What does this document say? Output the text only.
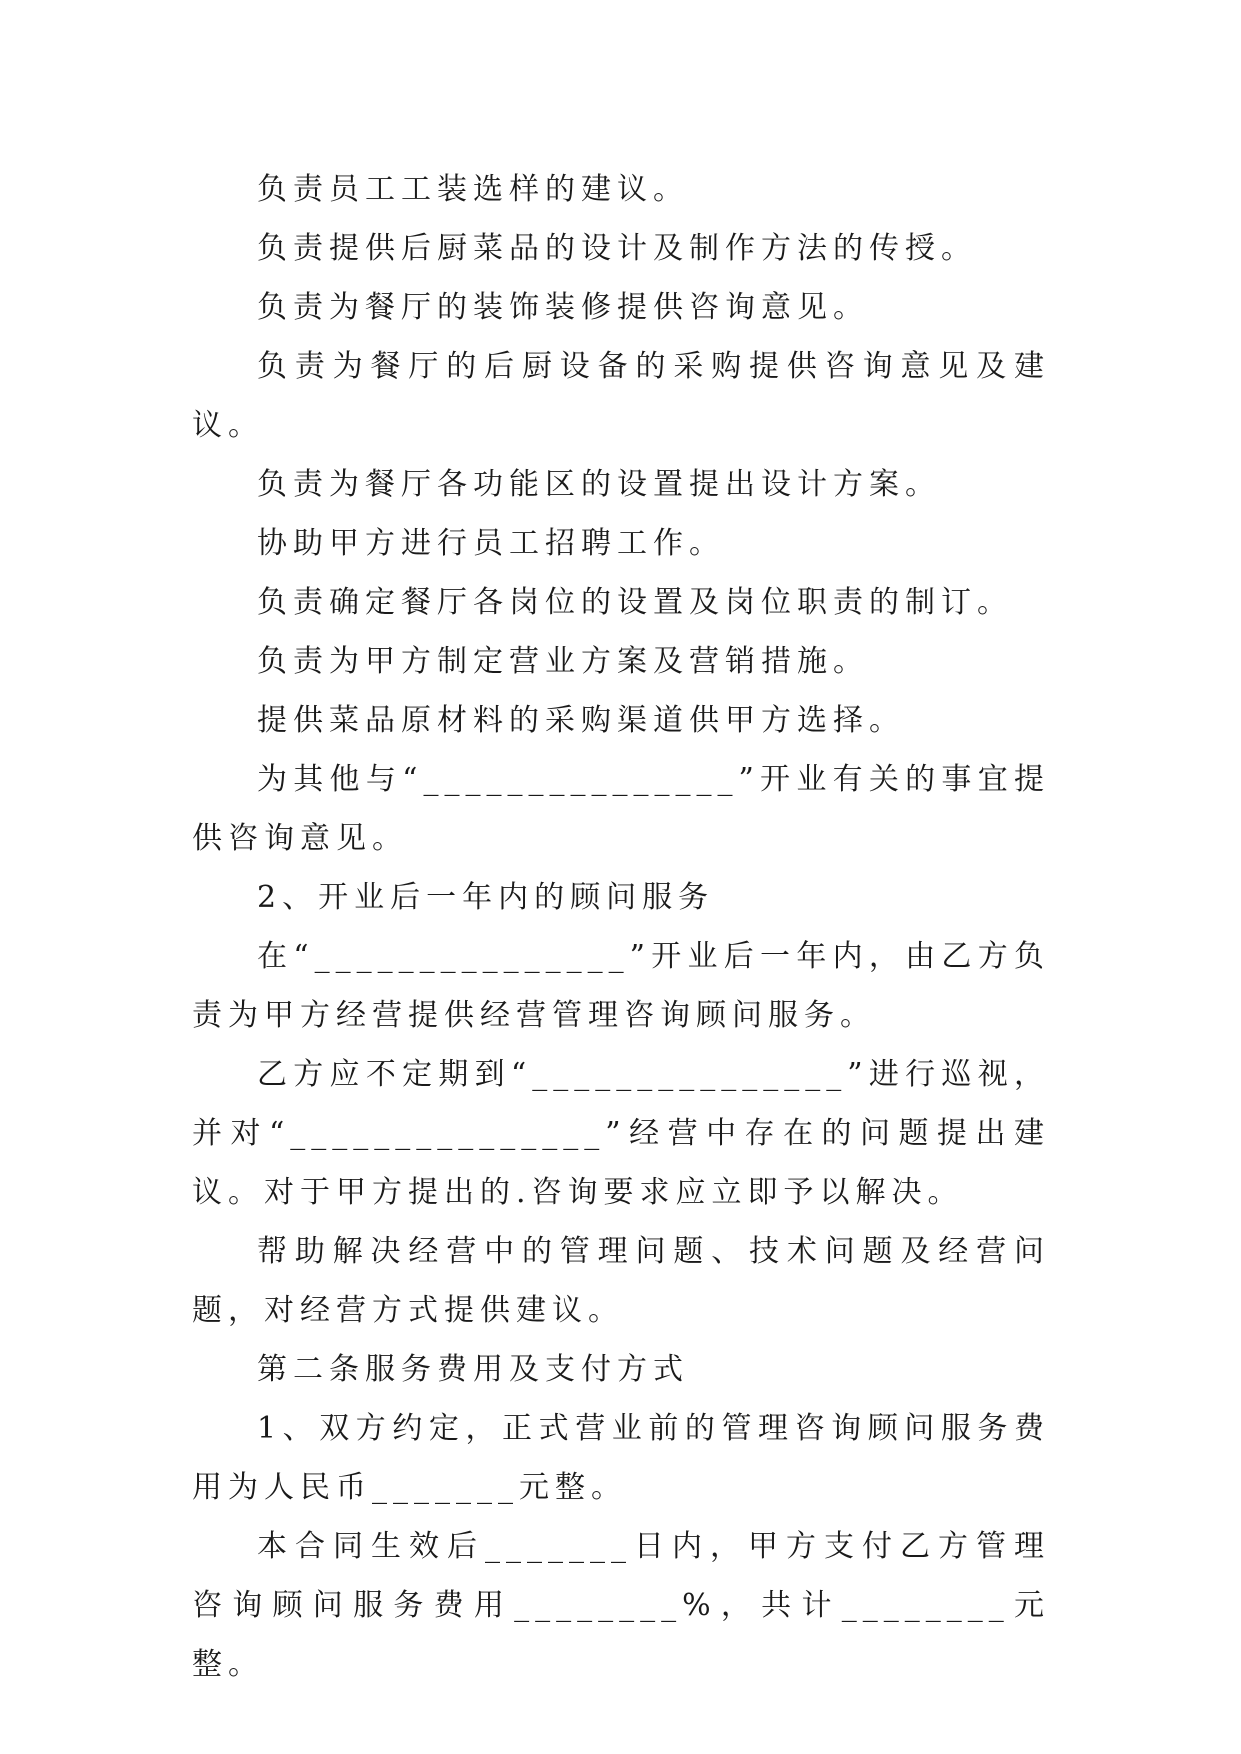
负责员工工装选样的建议。

负责提供后厨菜品的设计及制作方法的传授。

负责为餐厅的装饰装修提供咨询意见。

负责为餐厅的后厨设备的采购提供咨询意见及建议。

负责为餐厅各功能区的设置提出设计方案。

协助甲方进行员工招聘工作。

负责确定餐厅各岗位的设置及岗位职责的制订。

负责为甲方制定营业方案及营销措施。

提供菜品原材料的采购渠道供甲方选择。

为其他与“_______________”开业有关的事宜提供咨询意见。

2、开业后一年内的顾问服务

在“_______________”开业后一年内，由乙方负责为甲方经营提供经营管理咨询顾问服务。

乙方应不定期到“_______________”进行巡视，并对“_______________”经营中存在的问题提出建议。对于甲方提出的.咨询要求应立即予以解决。

帮助解决经营中的管理问题、技术问题及经营问题，对经营方式提供建议。

第二条服务费用及支付方式

1、双方约定，正式营业前的管理咨询顾问服务费用为人民币_______元整。

本合同生效后_______日内，甲方支付乙方管理咨询顾问服务费用________%，共计________元整。
